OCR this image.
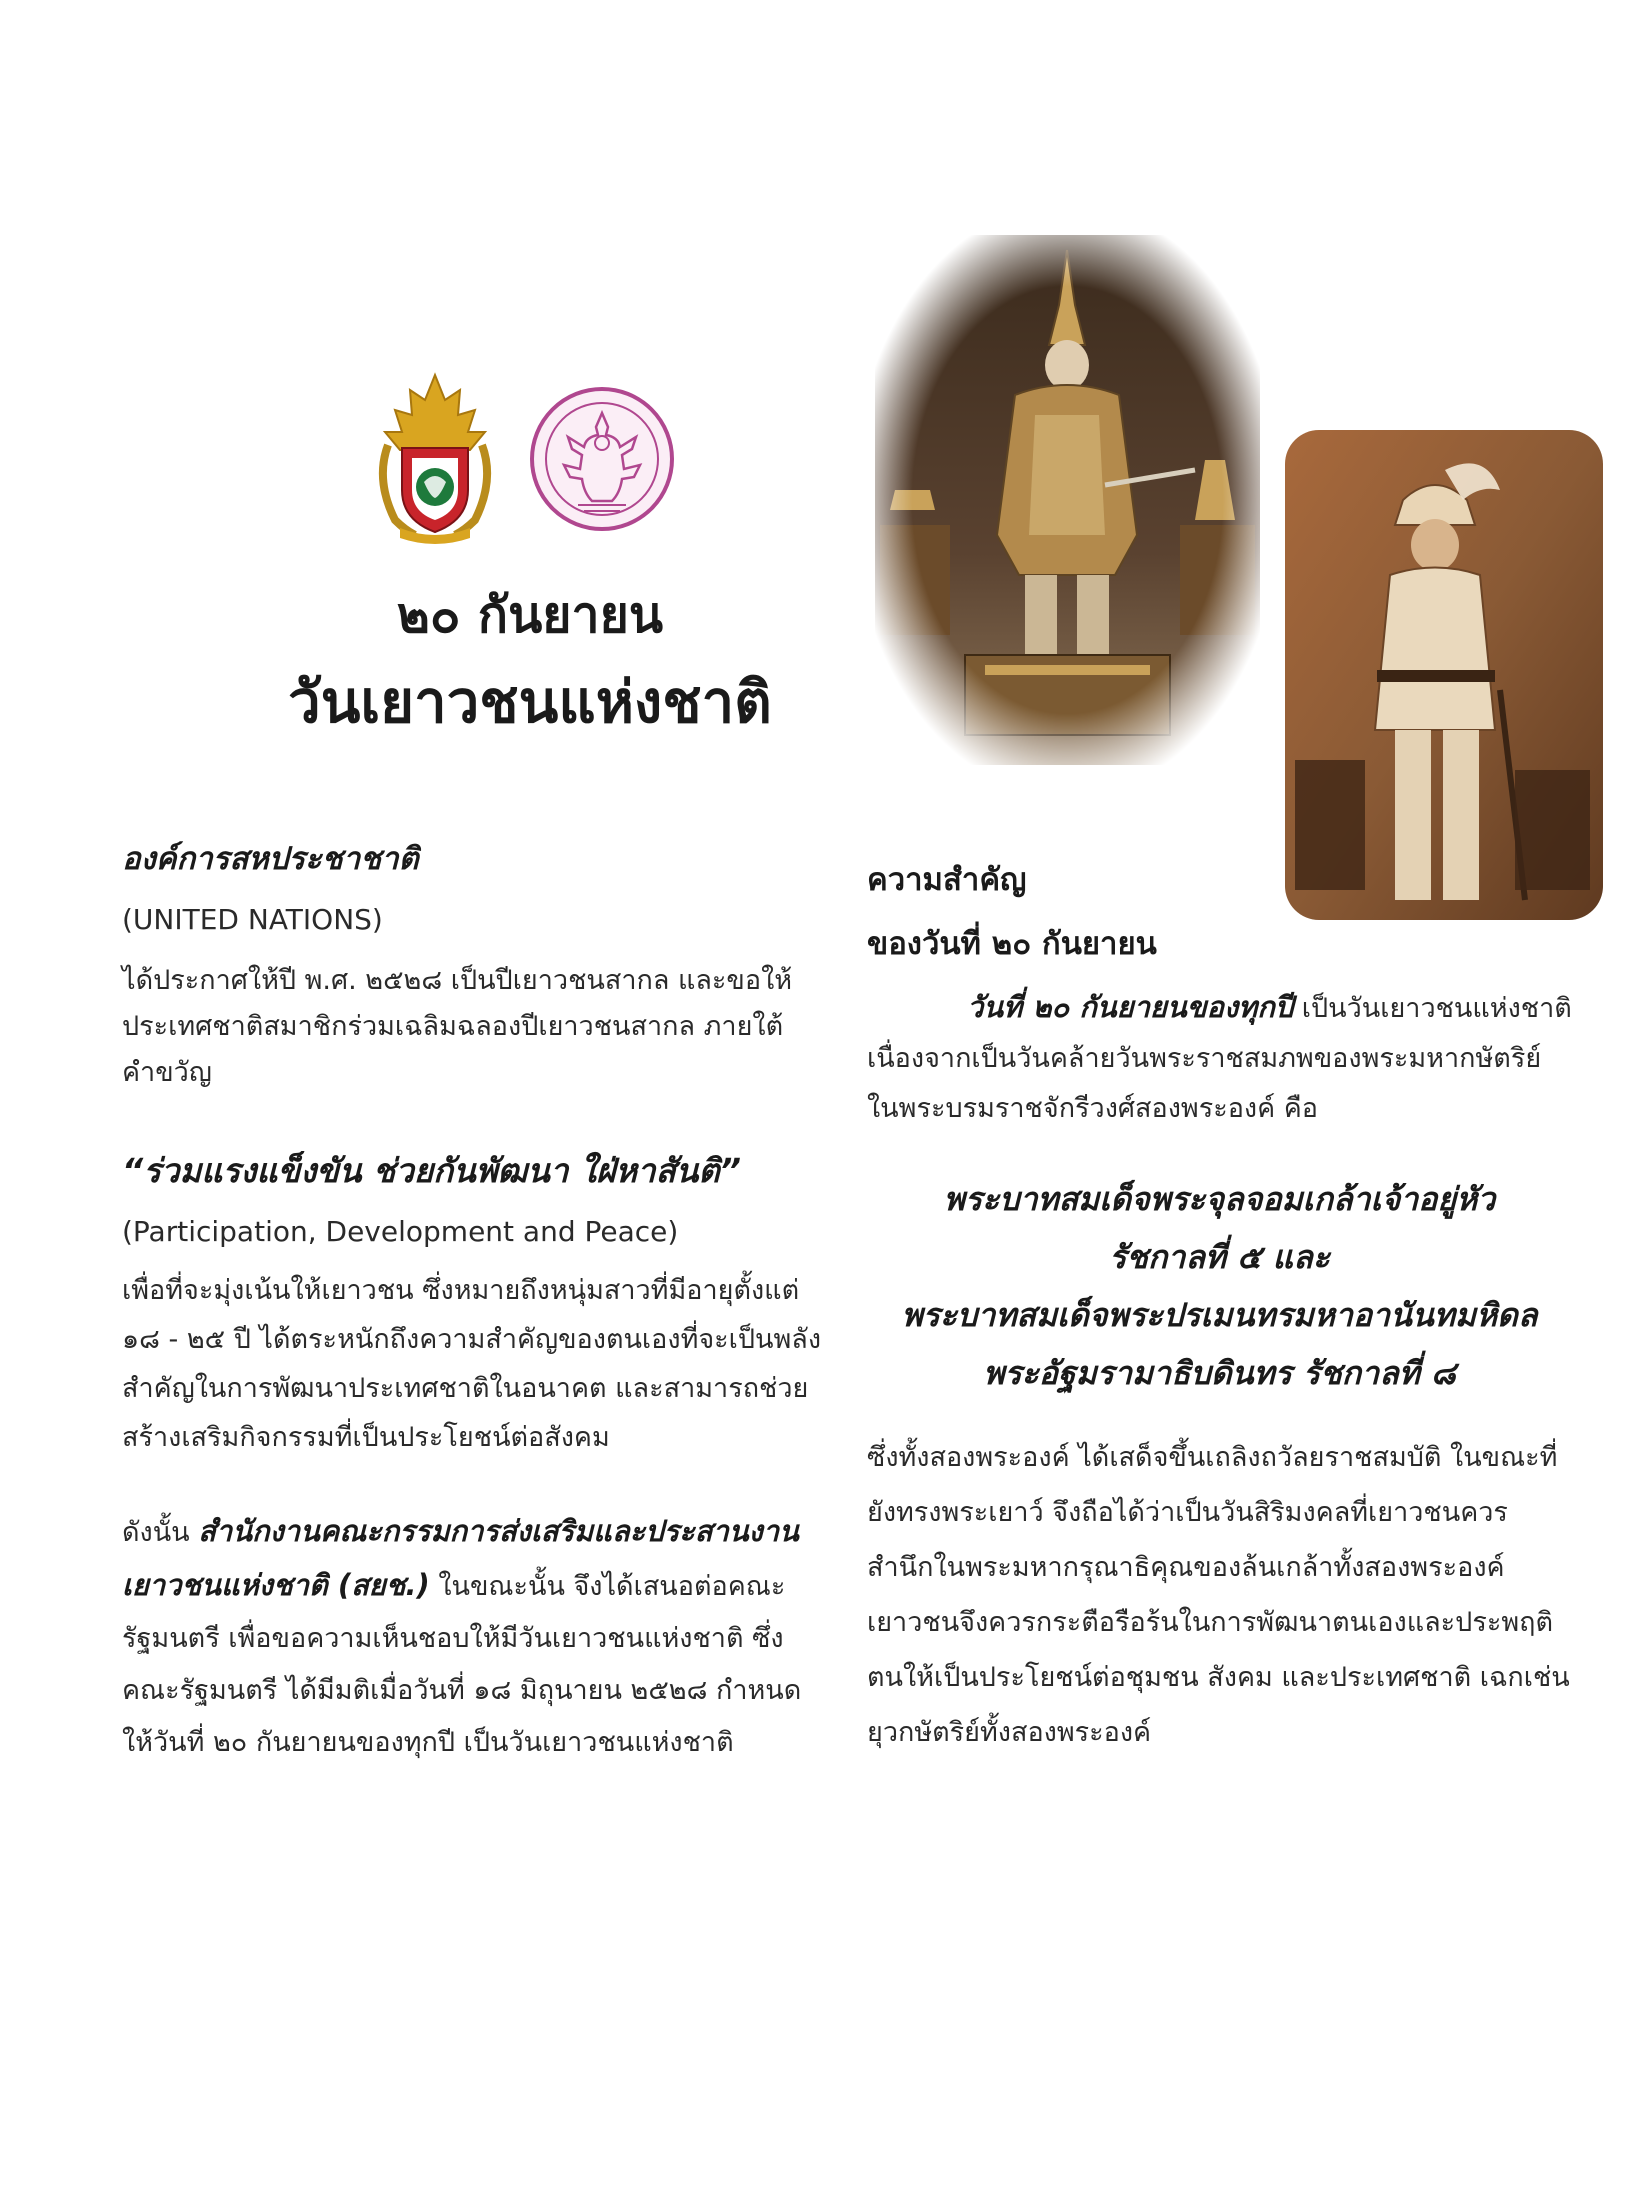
๒๐ กันยายน
วันเยาวชนแห่งชาติ
องค์การสหประชาชาติ
(UNITED NATIONS)
ได้ประกาศให้ปี พ.ศ. ๒๕๒๘ เป็นปีเยาวชนสากล และขอให้ประเทศชาติสมาชิกร่วมเฉลิมฉลองปีเยาวชนสากล ภายใต้คำขวัญ
“ร่วมแรงแข็งขัน ช่วยกันพัฒนา ใฝ่หาสันติ”
(Participation, Development and Peace)
เพื่อที่จะมุ่งเน้นให้เยาวชน ซึ่งหมายถึงหนุ่มสาวที่มีอายุตั้งแต่ ๑๘ - ๒๕ ปี ได้ตระหนักถึงความสำคัญของตนเองที่จะเป็นพลังสำคัญในการพัฒนาประเทศชาติในอนาคต และสามารถช่วยสร้างเสริมกิจกรรมที่เป็นประโยชน์ต่อสังคม
ดังนั้น สำนักงานคณะกรรมการส่งเสริมและประสานงานเยาวชนแห่งชาติ (สยช.) ในขณะนั้น จึงได้เสนอต่อคณะรัฐมนตรี เพื่อขอความเห็นชอบให้มีวันเยาวชนแห่งชาติ ซึ่งคณะรัฐมนตรี ได้มีมติเมื่อวันที่ ๑๘ มิถุนายน ๒๕๒๘ กำหนดให้วันที่ ๒๐ กันยายนของทุกปี เป็นวันเยาวชนแห่งชาติ
ความสำคัญ
ของวันที่ ๒๐ กันยายน
วันที่ ๒๐ กันยายนของทุกปี เป็นวันเยาวชนแห่งชาติ เนื่องจากเป็นวันคล้ายวันพระราชสมภพของพระมหากษัตริย์ในพระบรมราชจักรีวงศ์สองพระองค์ คือ
พระบาทสมเด็จพระจุลจอมเกล้าเจ้าอยู่หัว
รัชกาลที่ ๕ และ
พระบาทสมเด็จพระปรเมนทรมหาอานันทมหิดล
พระอัฐมรามาธิบดินทร รัชกาลที่ ๘
ซึ่งทั้งสองพระองค์ ได้เสด็จขึ้นเถลิงถวัลยราชสมบัติ ในขณะที่ยังทรงพระเยาว์ จึงถือได้ว่าเป็นวันสิริมงคลที่เยาวชนควรสำนึกในพระมหากรุณาธิคุณของล้นเกล้าทั้งสองพระองค์ เยาวชนจึงควรกระตือรือร้นในการพัฒนาตนเองและประพฤติตนให้เป็นประโยชน์ต่อชุมชน สังคม และประเทศชาติ เฉกเช่นยุวกษัตริย์ทั้งสองพระองค์
